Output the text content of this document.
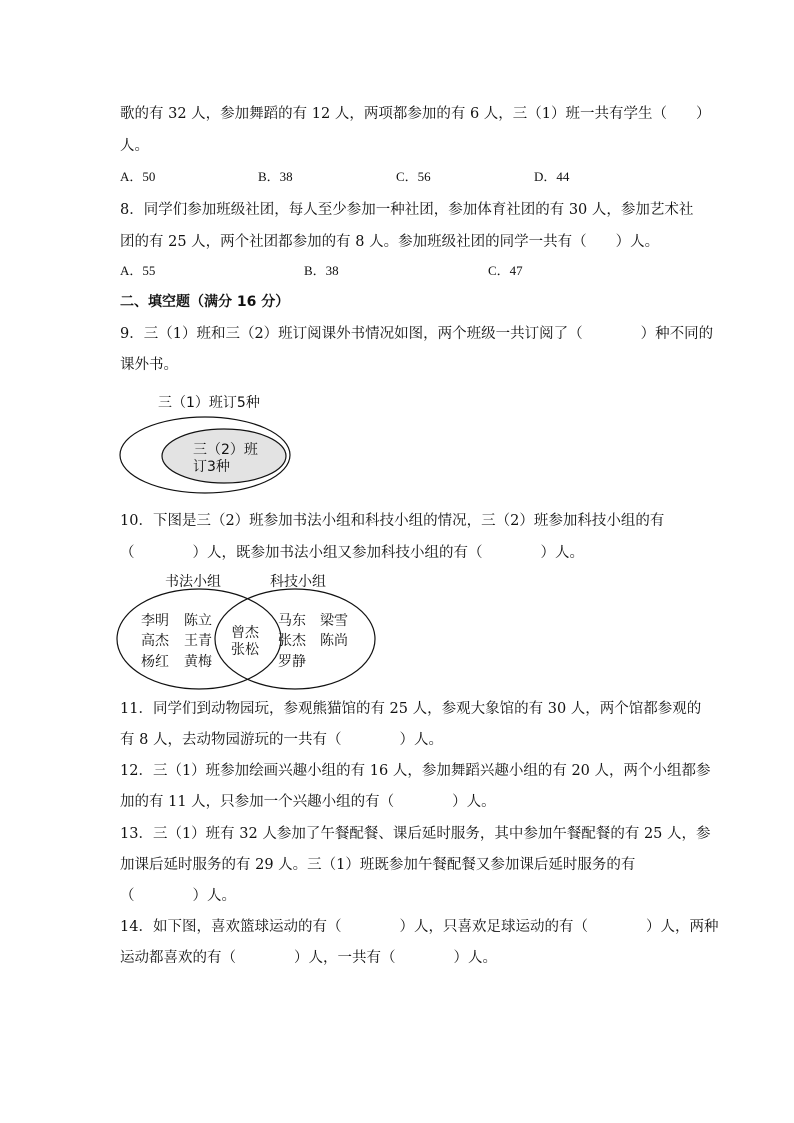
歌的有 32 人，参加舞蹈的有 12 人，两项都参加的有 6 人，三（1）班一共有学生（　　）
人。
A．50	B．38	C．56	D．44
8．同学们参加班级社团，每人至少参加一种社团，参加体育社团的有 30 人，参加艺术社
团的有 25 人，两个社团都参加的有 8 人。参加班级社团的同学一共有（　　）人。
A．55	B．38	C．47
二、填空题（满分 16 分）
9．三（1）班和三（2）班订阅课外书情况如图，两个班级一共订阅了（　　　　）种不同的
课外书。
三（1）班订5种
三（2）班
订3种
10．下图是三（2）班参加书法小组和科技小组的情况，三（2）班参加科技小组的有
（　　　　）人，既参加书法小组又参加科技小组的有（　　　　）人。
书法小组	科技小组
李明 陈立
高杰 王青
杨红 黄梅
曾杰
张松
马东 梁雪
张杰 陈尚
罗静
11．同学们到动物园玩，参观熊猫馆的有 25 人，参观大象馆的有 30 人，两个馆都参观的
有 8 人，去动物园游玩的一共有（　　　　）人。
12．三（1）班参加绘画兴趣小组的有 16 人，参加舞蹈兴趣小组的有 20 人，两个小组都参
加的有 11 人，只参加一个兴趣小组的有（　　　　）人。
13．三（1）班有 32 人参加了午餐配餐、课后延时服务，其中参加午餐配餐的有 25 人，参
加课后延时服务的有 29 人。三（1）班既参加午餐配餐又参加课后延时服务的有
（　　　　）人。
14．如下图，喜欢篮球运动的有（　　　　）人，只喜欢足球运动的有（　　　　）人，两种
运动都喜欢的有（　　　　）人，一共有（　　　　）人。
